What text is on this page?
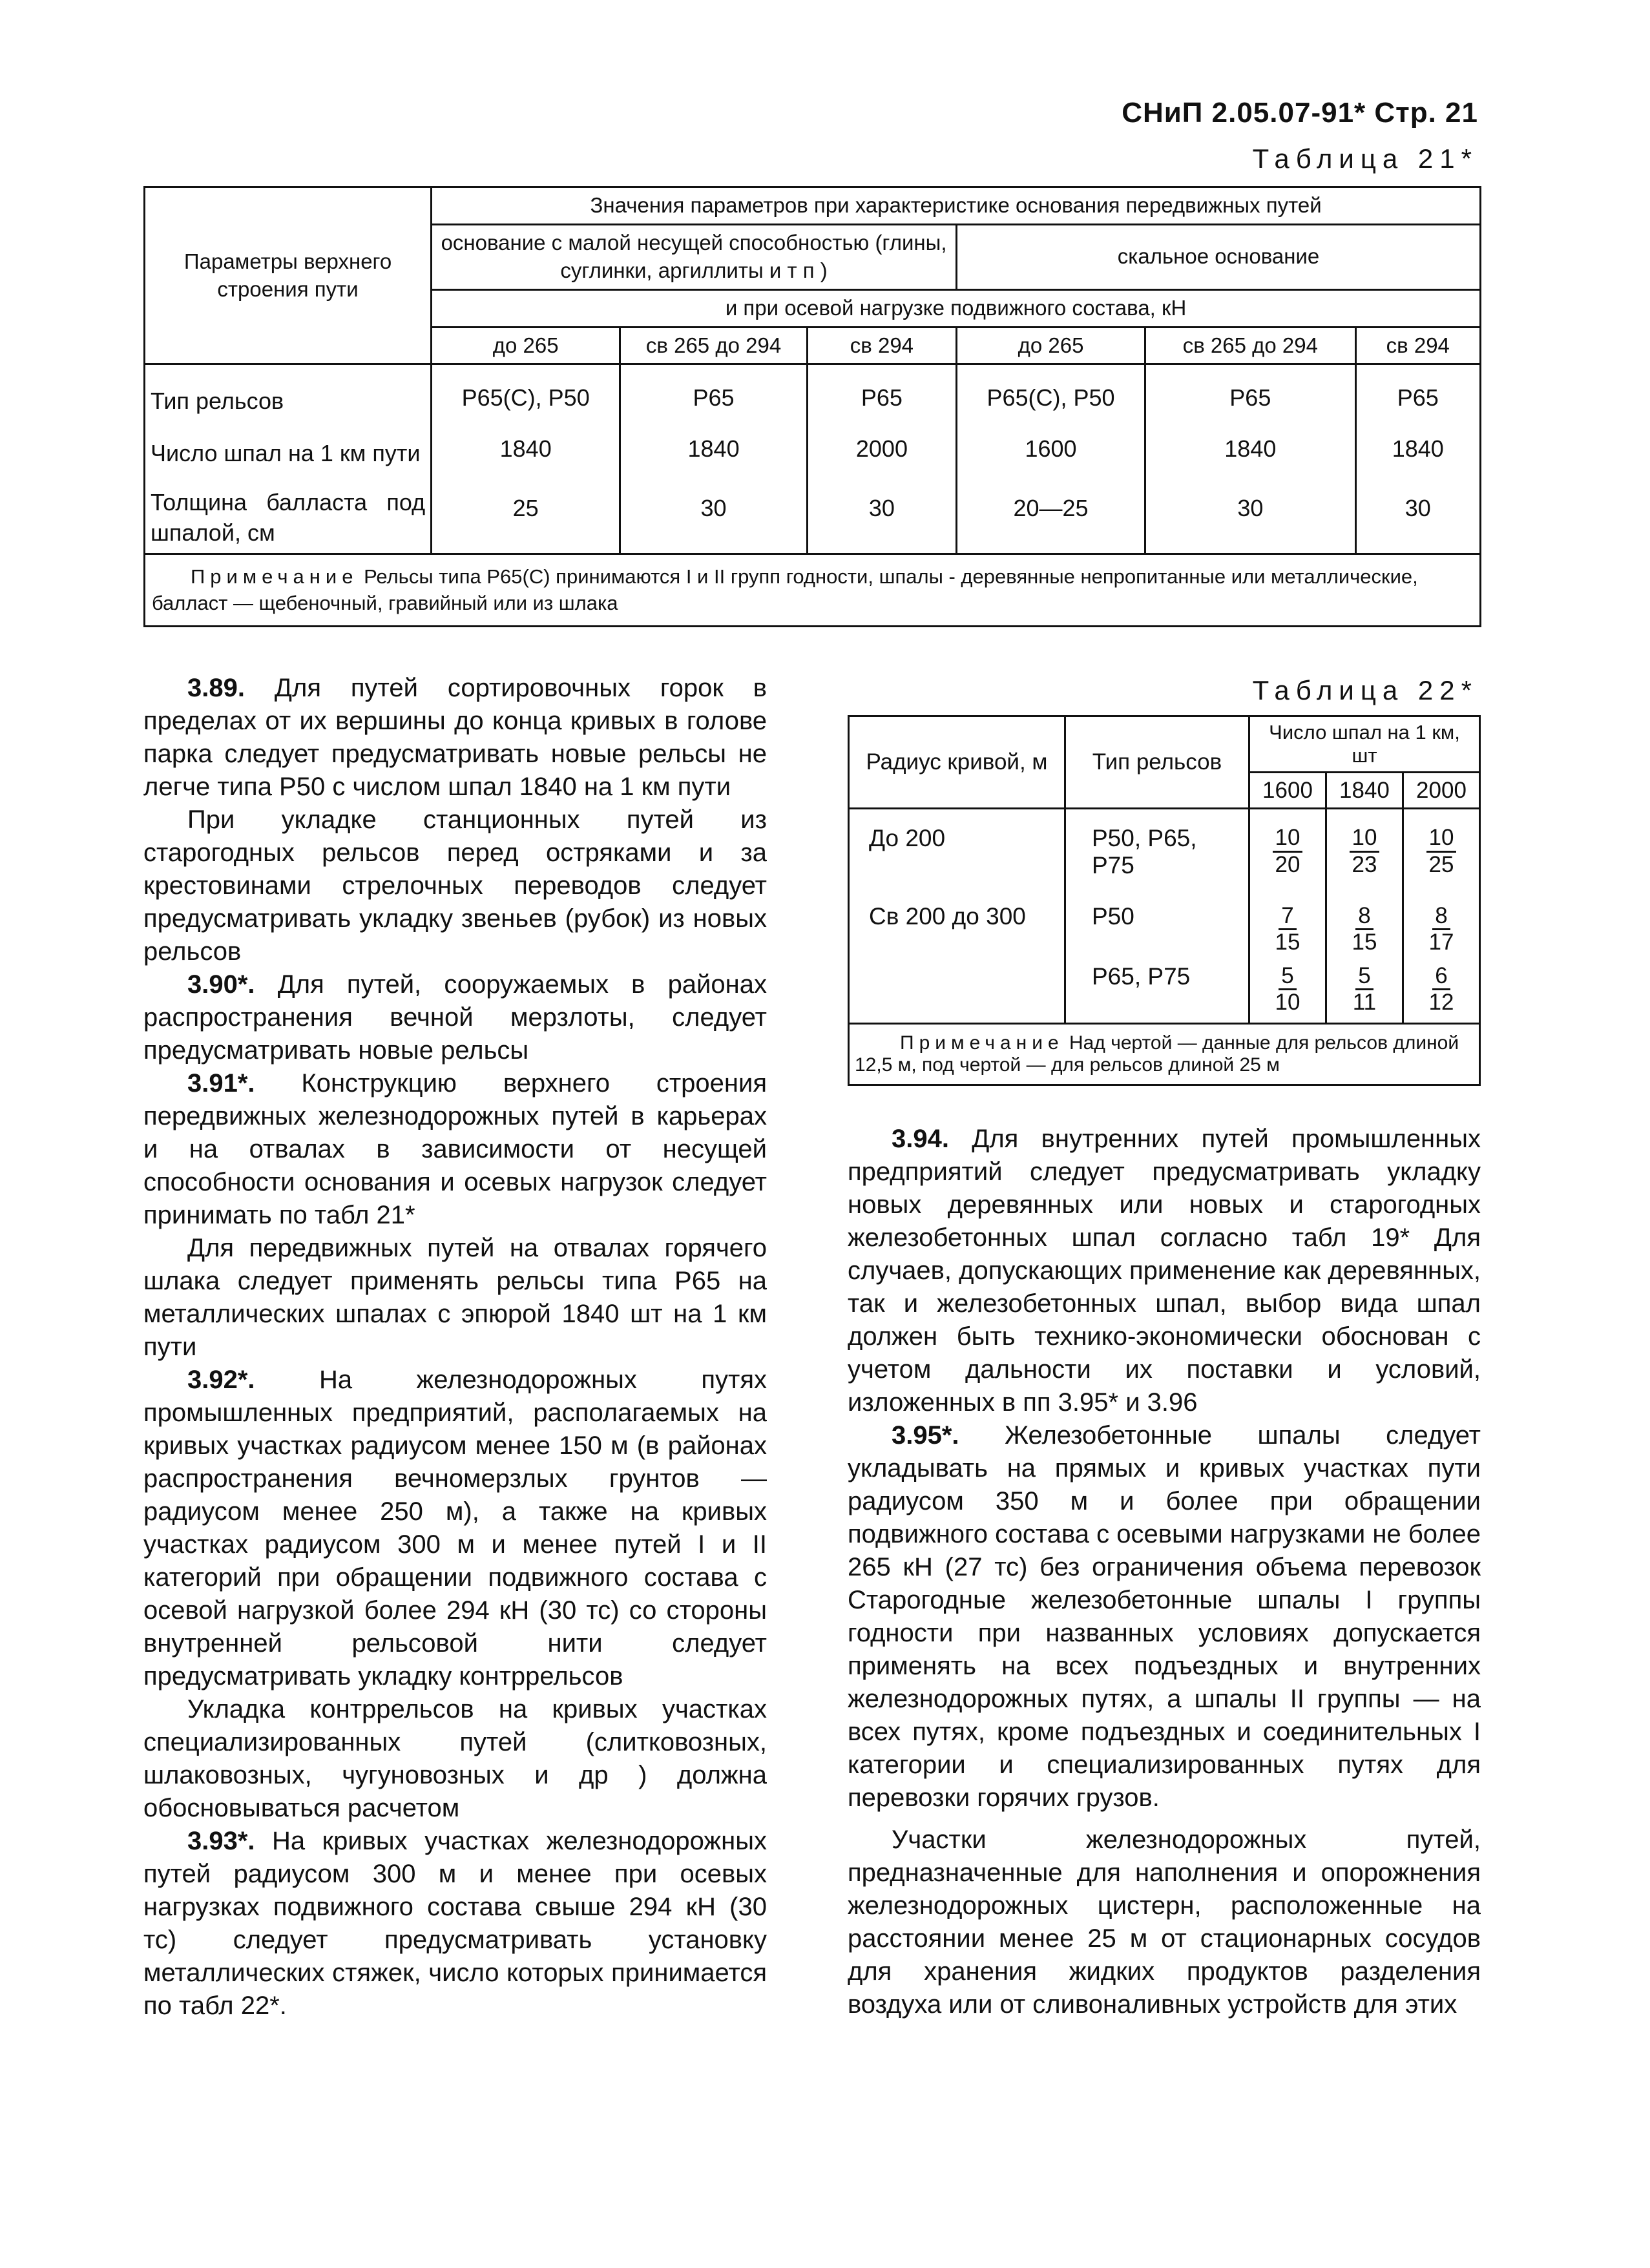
СНиП 2.05.07-91* Стр. 21
Таблица 21*
Параметры верхнего строения пути	Значения параметров при характеристике основания передвижных путей					
	основание с малой несущей способностью (глины, суглинки, аргиллиты и т п )			скальное основание		
	и при осевой нагрузке подвижного состава, кН					
	до 265	св 265 до 294	св 294	до 265	св 265 до 294	св 294
Тип рельсов	Р65(С), Р50	Р65	Р65	Р65(С), Р50	Р65	Р65
Число шпал на 1 км пути	1840	1840	2000	1600	1840	1840
Толщина балласта под шпалой, см	25	30	30	20—25	30	30
Примечание Рельсы типа Р65(С) принимаются I и II групп годности, шпалы - деревянные непропитанные или металлические, балласт — щебеночный, гравийный или из шлака						
Таблица 22*
Радиус кривой, м	Тип рельсов	Число шпал на 1 км, шт		
		1600	1840	2000
До 200	Р50, Р65, Р75	$\frac{10}{20}$	$\frac{10}{23}$	$\frac{10}{25}$

Св 200 до 300	Р50	$\frac{7}{15}$	$\frac{8}{15}$	$\frac{8}{17}$

	Р65, Р75	$\frac{5}{10}$	$\frac{5}{11}$	$\frac{6}{12}$

Примечание Над чертой — данные для рельсов длиной 12,5 м, под чертой — для рельсов длиной 25 м				

3.89. Для путей сортировочных горок в пределах от их вершины до конца кривых в голове парка следует предусматривать новые рельсы не легче типа Р50 с числом шпал 1840 на 1 км пути

При укладке станционных путей из старогодных рельсов перед остряками и за крестовинами стрелочных переводов следует предусматривать укладку звеньев (рубок) из новых рельсов

3.90*. Для путей, сооружаемых в районах распространения вечной мерзлоты, следует предусматривать новые рельсы

3.91*. Конструкцию верхнего строения передвижных железнодорожных путей в карьерах и на отвалах в зависимости от несущей способности основания и осевых нагрузок следует принимать по табл 21*

Для передвижных путей на отвалах горячего шлака следует применять рельсы типа Р65 на металлических шпалах с эпюрой 1840 шт на 1 км пути

3.92*. На железнодорожных путях промышленных предприятий, располагаемых на кривых участках радиусом менее 150 м (в районах распространения вечномерзлых грунтов — радиусом менее 250 м), а также на кривых участках радиусом 300 м и менее путей I и II категорий при обращении подвижного состава с осевой нагрузкой более 294 кН (30 тс) со стороны внутренней рельсовой нити следует предусматривать укладку контррельсов

Укладка контррельсов на кривых участках специализированных путей (слитковозных, шлаковозных, чугуновозных и др ) должна обосновываться расчетом

3.93*. На кривых участках железнодорожных путей радиусом 300 м и менее при осевых нагрузках подвижного состава свыше 294 кН (30 тс) следует предусматривать установку металлических стяжек, число которых принимается по табл 22*.

3.94. Для внутренних путей промышленных предприятий следует предусматривать укладку новых деревянных или новых и старогодных железобетонных шпал согласно табл 19* Для случаев, допускающих применение как деревянных, так и железобетонных шпал, выбор вида шпал должен быть технико-экономически обоснован с учетом дальности их поставки и условий, изложенных в пп 3.95* и 3.96

3.95*. Железобетонные шпалы следует укладывать на прямых и кривых участках пути радиусом 350 м и более при обращении подвижного состава с осевыми нагрузками не более 265 кН (27 тс) без ограничения объема перевозок Старогодные железобетонные шпалы I группы годности при названных условиях допускается применять на всех подъездных и внутренних железнодорожных путях, а шпалы II группы — на всех путях, кроме подъездных и соединительных I категории и специализированных путях для перевозки горячих грузов.

Участки железнодорожных путей, предназначенные для наполнения и опорожнения железнодорожных цистерн, расположенные на расстоянии менее 25 м от стационарных сосудов для хранения жидких продуктов разделения воздуха или от сливоналивных устройств для этих
